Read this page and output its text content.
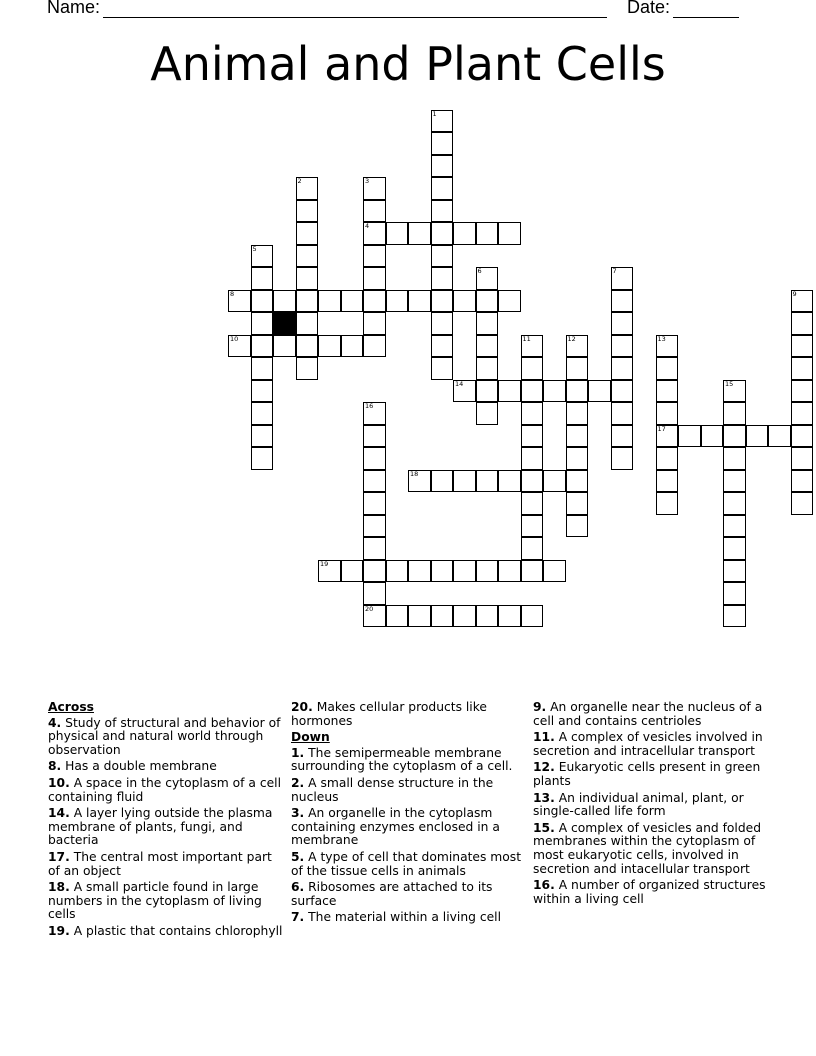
Name:	Date:
Animal and Plant Cells
1
2	3
4
5
6	7
8	9
10	11	12	13
17
14	15
16
20
18
19
Across
4. Study of structural and behavior of physical and natural world through observation
8. Has a double membrane
10. A space in the cytoplasm of a cell containing fluid
14. A layer lying outside the plasma membrane of plants, fungi, and bacteria
17. The central most important part of an object
18. A small particle found in large numbers in the cytoplasm of living cells
19. A plastic that contains chlorophyll
20. Makes cellular products like hormones
Down
1. The semipermeable membrane surrounding the cytoplasm of a cell.
2. A small dense structure in the nucleus
3. An organelle in the cytoplasm containing enzymes enclosed in a membrane
5. A type of cell that dominates most of the tissue cells in animals
6. Ribosomes are attached to its surface
7. The material within a living cell
9. An organelle near the nucleus of a cell and contains centrioles
11. A complex of vesicles involved in secretion and intracellular transport
12. Eukaryotic cells present in green plants
13. An individual animal, plant, or single-called life form
15. A complex of vesicles and folded membranes within the cytoplasm of most eukaryotic cells, involved in secretion and intacellular transport
16. A number of organized structures within a living cell
